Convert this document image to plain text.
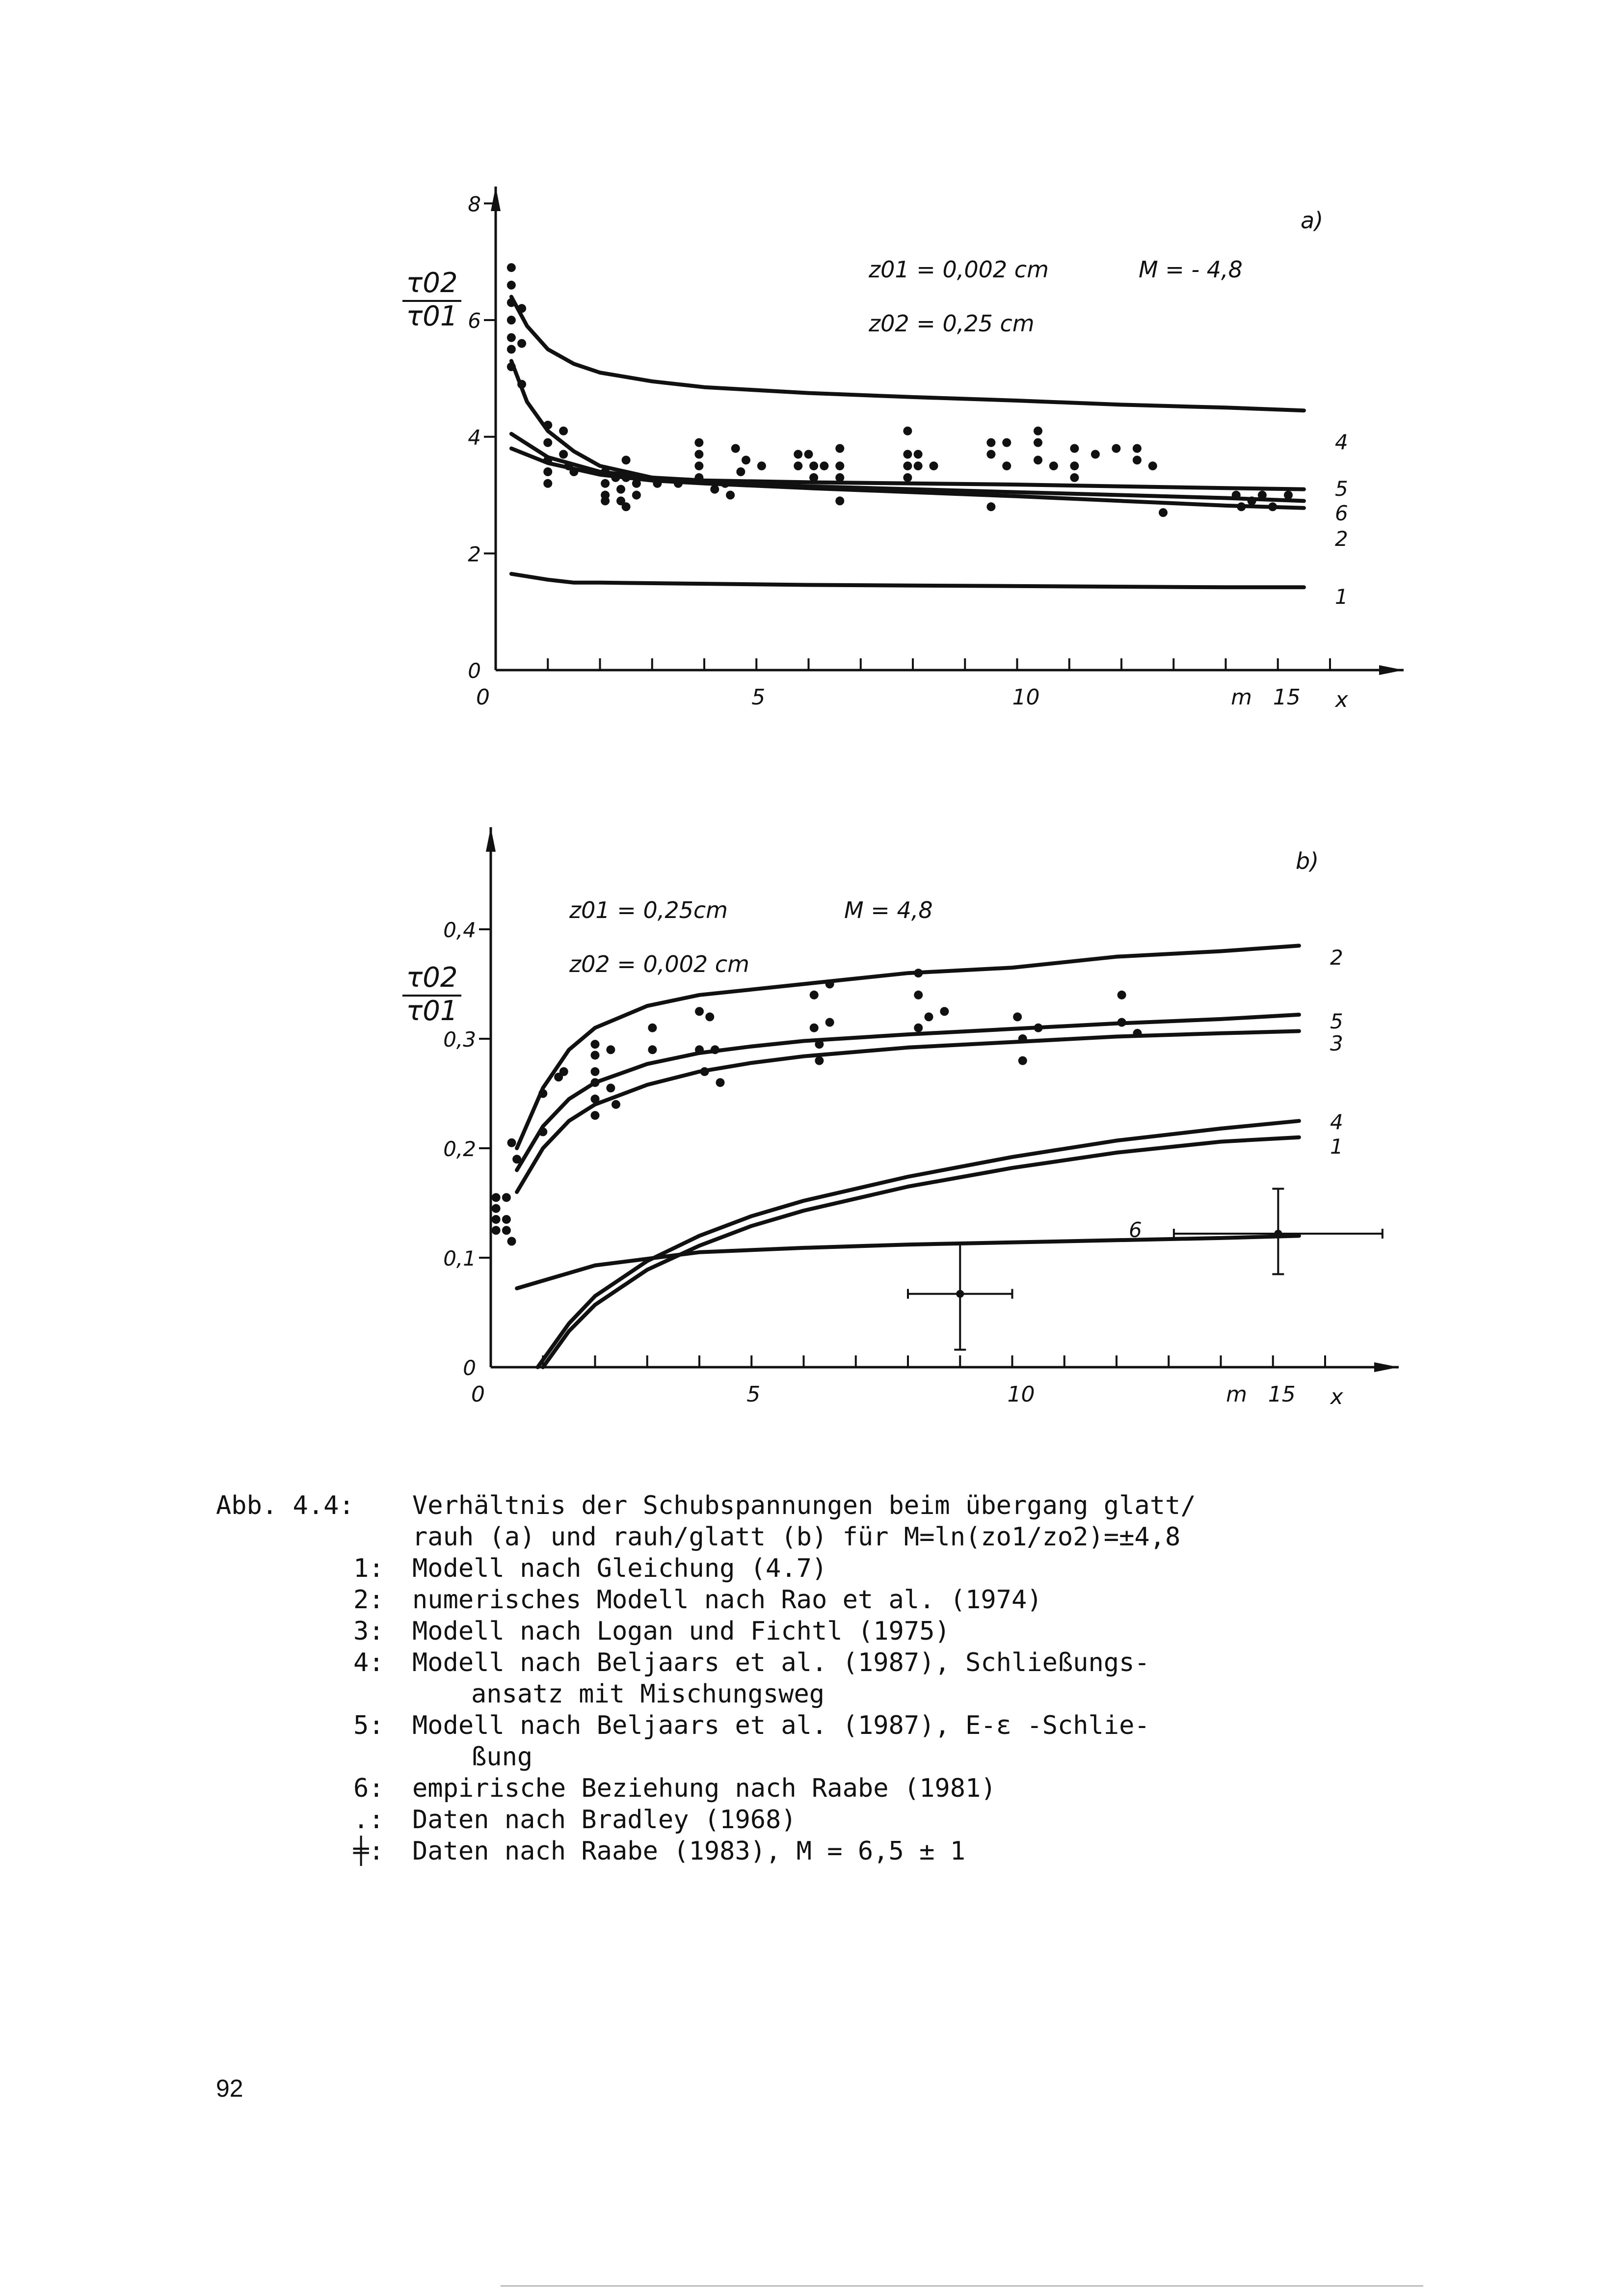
0	5	10	15
m	x
0
2
4
6
8
τ02
τ01
a)
z01 = 0,002 cm
z02 = 0,25 cm
M = - 4,8
4
5
6
2
1
0	5	10	15
m	x
0
0,1
0,2
0,3
0,4
τ02
τ01
b)
z01 = 0,25cm
z02 = 0,002 cm
M = 4,8
2
5
3
4
1
6
Abb. 4.4:	Verhältnis der Schubspannungen beim übergang glatt/
rauh (a) und rauh/glatt (b) für M=ln(zo1/zo2)=±4,8
1:	Modell nach Gleichung (4.7)
2:	numerisches Modell nach Rao et al. (1974)
3:	Modell nach Logan und Fichtl (1975)
4:	Modell nach Beljaars et al. (1987), Schließungs-
ansatz mit Mischungsweg
5:	Modell nach Beljaars et al. (1987), E-ε -Schlie-
ßung
6:	empirische Beziehung nach Raabe (1981)
.:	Daten nach Bradley (1968)
╪:	Daten nach Raabe (1983), M = 6,5 ± 1
92
